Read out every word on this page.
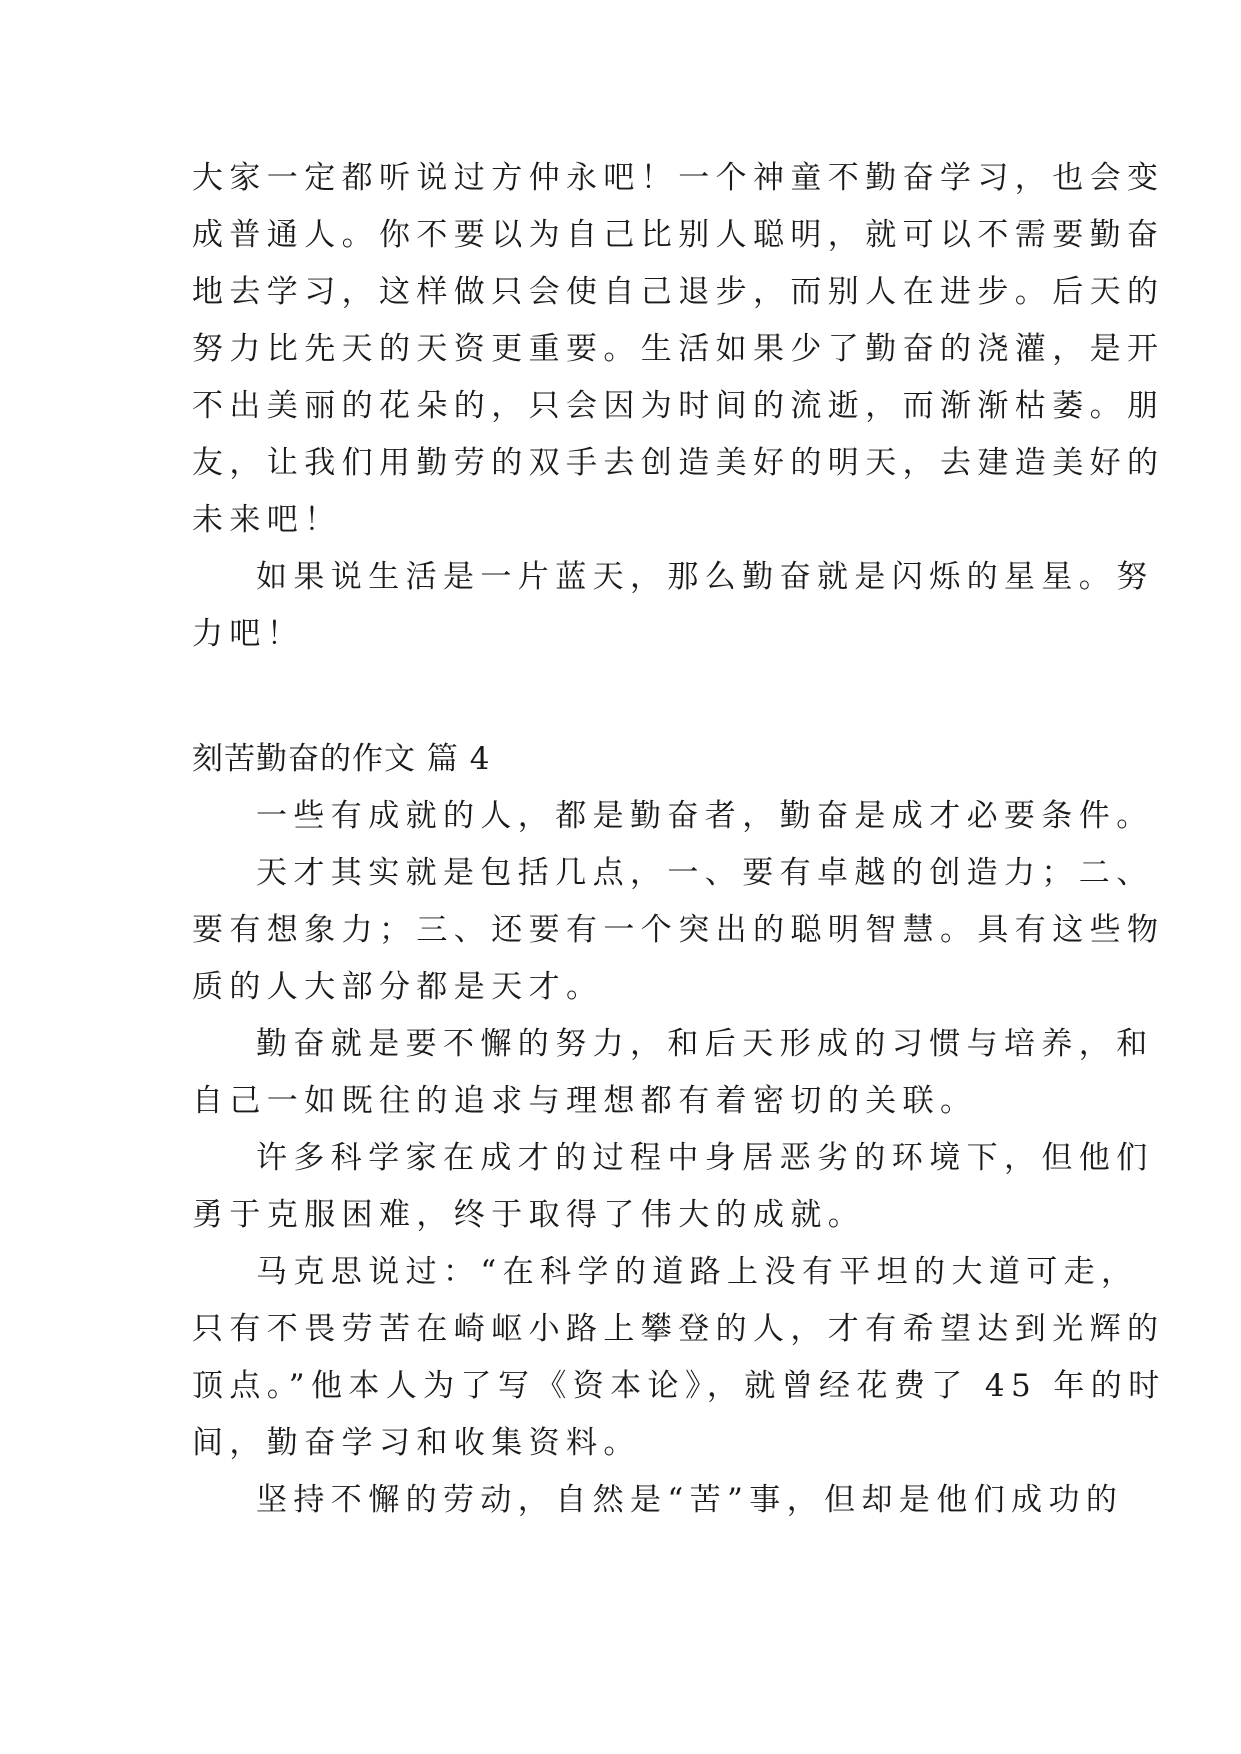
大家一定都听说过方仲永吧！一个神童不勤奋学习，也会变
成普通人。你不要以为自己比别人聪明，就可以不需要勤奋
地去学习，这样做只会使自己退步，而别人在进步。后天的
努力比先天的天资更重要。生活如果少了勤奋的浇灌，是开
不出美丽的花朵的，只会因为时间的流逝，而渐渐枯萎。朋
友，让我们用勤劳的双手去创造美好的明天，去建造美好的
未来吧！
如果说生活是一片蓝天，那么勤奋就是闪烁的星星。努
力吧！
刻苦勤奋的作文 篇 4
一些有成就的人，都是勤奋者，勤奋是成才必要条件。
天才其实就是包括几点，一、要有卓越的创造力；二、
要有想象力；三、还要有一个突出的聪明智慧。具有这些物
质的人大部分都是天才。
勤奋就是要不懈的努力，和后天形成的习惯与培养，和
自己一如既往的追求与理想都有着密切的关联。
许多科学家在成才的过程中身居恶劣的环境下，但他们
勇于克服困难，终于取得了伟大的成就。
马克思说过：“在科学的道路上没有平坦的大道可走，
只有不畏劳苦在崎岖小路上攀登的人，才有希望达到光辉的
顶点。”他本人为了写《资本论》，就曾经花费了 45 年的时
间，勤奋学习和收集资料。
坚持不懈的劳动，自然是“苦”事，但却是他们成功的
